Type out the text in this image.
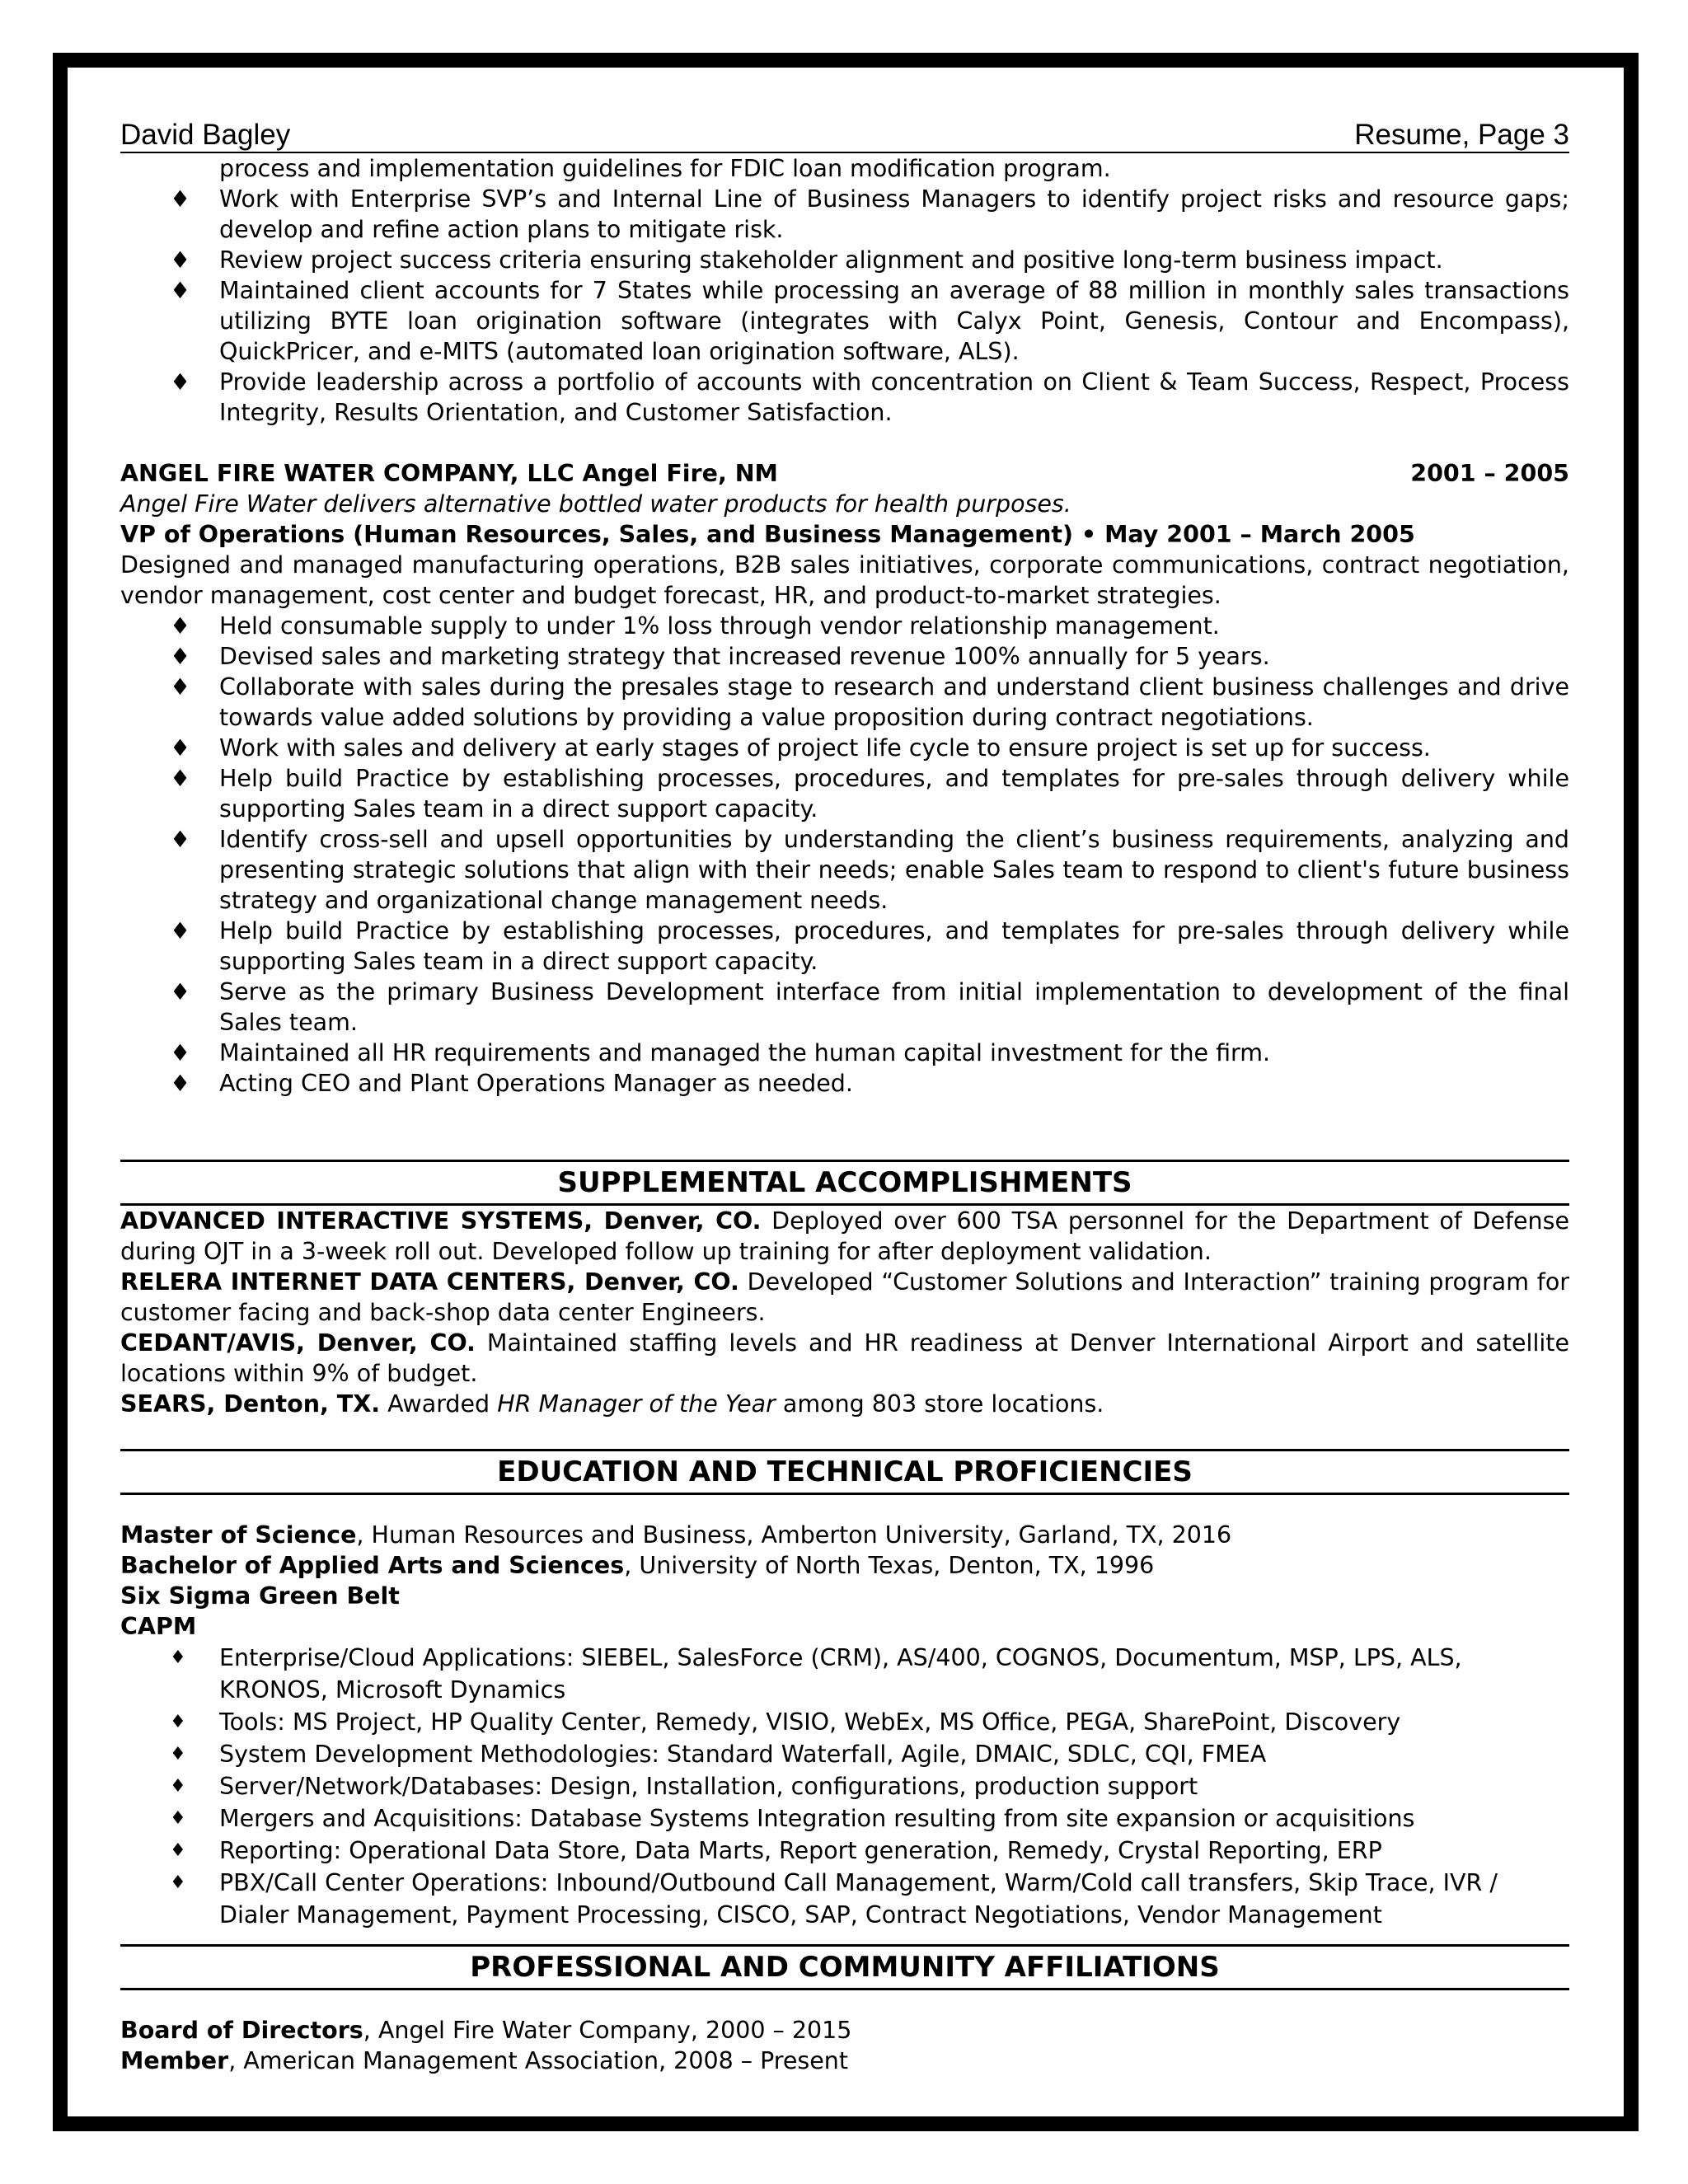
David Bagley	Resume, Page 3
process and implementation guidelines for FDIC loan modification program.
♦ Work with Enterprise SVP’s and Internal Line of Business Managers to identify project risks and resource gaps; develop and refine action plans to mitigate risk.
♦ Review project success criteria ensuring stakeholder alignment and positive long-term business impact.
♦ Maintained client accounts for 7 States while processing an average of 88 million in monthly sales transactions utilizing BYTE loan origination software (integrates with Calyx Point, Genesis, Contour and Encompass), QuickPricer, and e-MITS (automated loan origination software, ALS).
♦ Provide leadership across a portfolio of accounts with concentration on Client & Team Success, Respect, Process Integrity, Results Orientation, and Customer Satisfaction.
ANGEL FIRE WATER COMPANY, LLC Angel Fire, NM	2001 – 2005
Angel Fire Water delivers alternative bottled water products for health purposes.
VP of Operations (Human Resources, Sales, and Business Management) • May 2001 – March 2005
Designed and managed manufacturing operations, B2B sales initiatives, corporate communications, contract negotiation, vendor management, cost center and budget forecast, HR, and product-to-market strategies.
♦ Held consumable supply to under 1% loss through vendor relationship management.
♦ Devised sales and marketing strategy that increased revenue 100% annually for 5 years.
♦ Collaborate with sales during the presales stage to research and understand client business challenges and drive towards value added solutions by providing a value proposition during contract negotiations.
♦ Work with sales and delivery at early stages of project life cycle to ensure project is set up for success.
♦ Help build Practice by establishing processes, procedures, and templates for pre-sales through delivery while supporting Sales team in a direct support capacity.
♦ Identify cross-sell and upsell opportunities by understanding the client’s business requirements, analyzing and presenting strategic solutions that align with their needs; enable Sales team to respond to client's future business strategy and organizational change management needs.
♦ Help build Practice by establishing processes, procedures, and templates for pre-sales through delivery while supporting Sales team in a direct support capacity.
♦ Serve as the primary Business Development interface from initial implementation to development of the final Sales team.
♦ Maintained all HR requirements and managed the human capital investment for the firm.
♦ Acting CEO and Plant Operations Manager as needed.
SUPPLEMENTAL ACCOMPLISHMENTS
ADVANCED INTERACTIVE SYSTEMS, Denver, CO. Deployed over 600 TSA personnel for the Department of Defense during OJT in a 3-week roll out. Developed follow up training for after deployment validation.
RELERA INTERNET DATA CENTERS, Denver, CO. Developed “Customer Solutions and Interaction” training program for customer facing and back-shop data center Engineers.
CEDANT/AVIS, Denver, CO. Maintained staffing levels and HR readiness at Denver International Airport and satellite locations within 9% of budget.
SEARS, Denton, TX. Awarded HR Manager of the Year among 803 store locations.
EDUCATION AND TECHNICAL PROFICIENCIES
Master of Science, Human Resources and Business, Amberton University, Garland, TX, 2016
Bachelor of Applied Arts and Sciences, University of North Texas, Denton, TX, 1996
Six Sigma Green Belt
CAPM
♦ Enterprise/Cloud Applications: SIEBEL, SalesForce (CRM), AS/400, COGNOS, Documentum, MSP, LPS, ALS, KRONOS, Microsoft Dynamics
♦ Tools: MS Project, HP Quality Center, Remedy, VISIO, WebEx, MS Office, PEGA, SharePoint, Discovery
♦ System Development Methodologies: Standard Waterfall, Agile, DMAIC, SDLC, CQI, FMEA
♦ Server/Network/Databases: Design, Installation, configurations, production support
♦ Mergers and Acquisitions: Database Systems Integration resulting from site expansion or acquisitions
♦ Reporting: Operational Data Store, Data Marts, Report generation, Remedy, Crystal Reporting, ERP
♦ PBX/Call Center Operations: Inbound/Outbound Call Management, Warm/Cold call transfers, Skip Trace, IVR / Dialer Management, Payment Processing, CISCO, SAP, Contract Negotiations, Vendor Management
PROFESSIONAL AND COMMUNITY AFFILIATIONS
Board of Directors, Angel Fire Water Company, 2000 – 2015
Member, American Management Association, 2008 – Present
